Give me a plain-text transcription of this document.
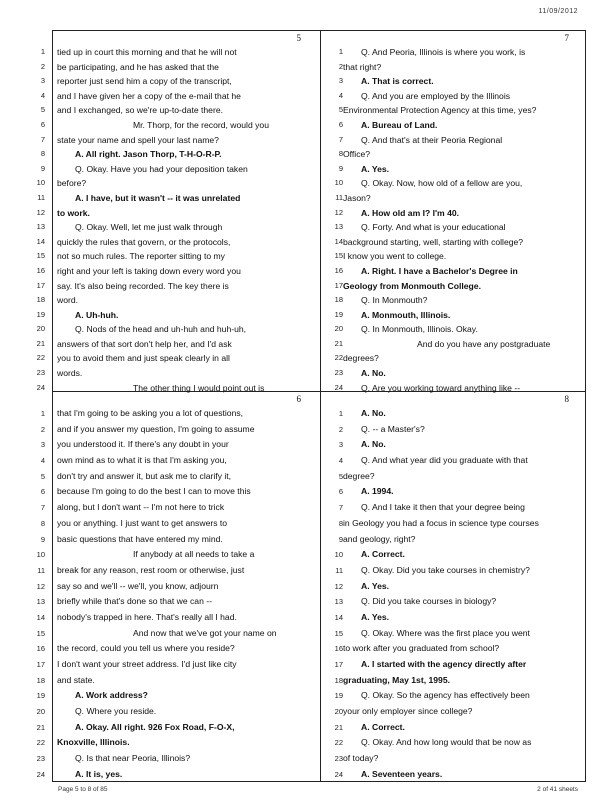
11/09/2012
5
1 tied up in court this morning and that he will not
2 be participating, and he has asked that the
3 reporter just send him a copy of the transcript,
4 and I have given her a copy of the e-mail that he
5 and I exchanged, so we're up-to-date there.
6	Mr. Thorp, for the record, would you
7 state your name and spell your last name?
8	A. All right. Jason Thorp, T-H-O-R-P.
9	Q. Okay. Have you had your deposition taken
10 before?
11	A. I have, but it wasn't -- it was unrelated
12 to work.
13	Q. Okay. Well, let me just walk through
14 quickly the rules that govern, or the protocols,
15 not so much rules. The reporter sitting to my
16 right and your left is taking down every word you
17 say. It's also being recorded. The key there is
18 word.
19	A. Uh-huh.
20	Q. Nods of the head and uh-huh and huh-uh,
21 answers of that sort don't help her, and I'd ask
22 you to avoid them and just speak clearly in all
23 words.
24	The other thing I would point out is
7
1 Q. And Peoria, Illinois is where you work, is
2 that right?
3 A. That is correct.
4 Q. And you are employed by the Illinois
5 Environmental Protection Agency at this time, yes?
6 A. Bureau of Land.
7 Q. And that's at their Peoria Regional
8 Office?
9 A. Yes.
10 Q. Okay. Now, how old of a fellow are you,
11 Jason?
12 A. How old am I? I'm 40.
13 Q. Forty. And what is your educational
14 background starting, well, starting with college?
15 I know you went to college.
16 A. Right. I have a Bachelor's Degree in
17 Geology from Monmouth College.
18 Q. In Monmouth?
19 A. Monmouth, Illinois.
20 Q. In Monmouth, Illinois. Okay.
21	And do you have any postgraduate
22 degrees?
23 A. No.
24 Q. Are you working toward anything like --
6
1 that I'm going to be asking you a lot of questions,
2 and if you answer my question, I'm going to assume
3 you understood it. If there's any doubt in your
4 own mind as to what it is that I'm asking you,
5 don't try and answer it, but ask me to clarify it,
6 because I'm going to do the best I can to move this
7 along, but I don't want -- I'm not here to trick
8 you or anything. I just want to get answers to
9 basic questions that have entered my mind.
10	If anybody at all needs to take a
11 break for any reason, rest room or otherwise, just
12 say so and we'll -- we'll, you know, adjourn
13 briefly while that's done so that we can --
14 nobody's trapped in here. That's really all I had.
15	And now that we've got your name on
16 the record, could you tell us where you reside?
17 I don't want your street address. I'd just like city
18 and state.
19	A. Work address?
20	Q. Where you reside.
21	A. Okay. All right. 926 Fox Road, F-O-X,
22 Knoxville, Illinois.
23	Q. Is that near Peoria, Illinois?
24	A. It is, yes.
8
1 A. No.
2 Q. -- a Master's?
3 A. No.
4 Q. And what year did you graduate with that
5 degree?
6 A. 1994.
7 Q. And I take it then that your degree being
8 in Geology you had a focus in science type courses
9 and geology, right?
10 A. Correct.
11 Q. Okay. Did you take courses in chemistry?
12 A. Yes.
13 Q. Did you take courses in biology?
14 A. Yes.
15 Q. Okay. Where was the first place you went
16 to work after you graduated from school?
17 A. I started with the agency directly after
18 graduating, May 1st, 1995.
19 Q. Okay. So the agency has effectively been
20 your only employer since college?
21 A. Correct.
22 Q. Okay. And how long would that be now as
23 of today?
24 A. Seventeen years.
Page 5 to 8 of 85	2 of 41 sheets
